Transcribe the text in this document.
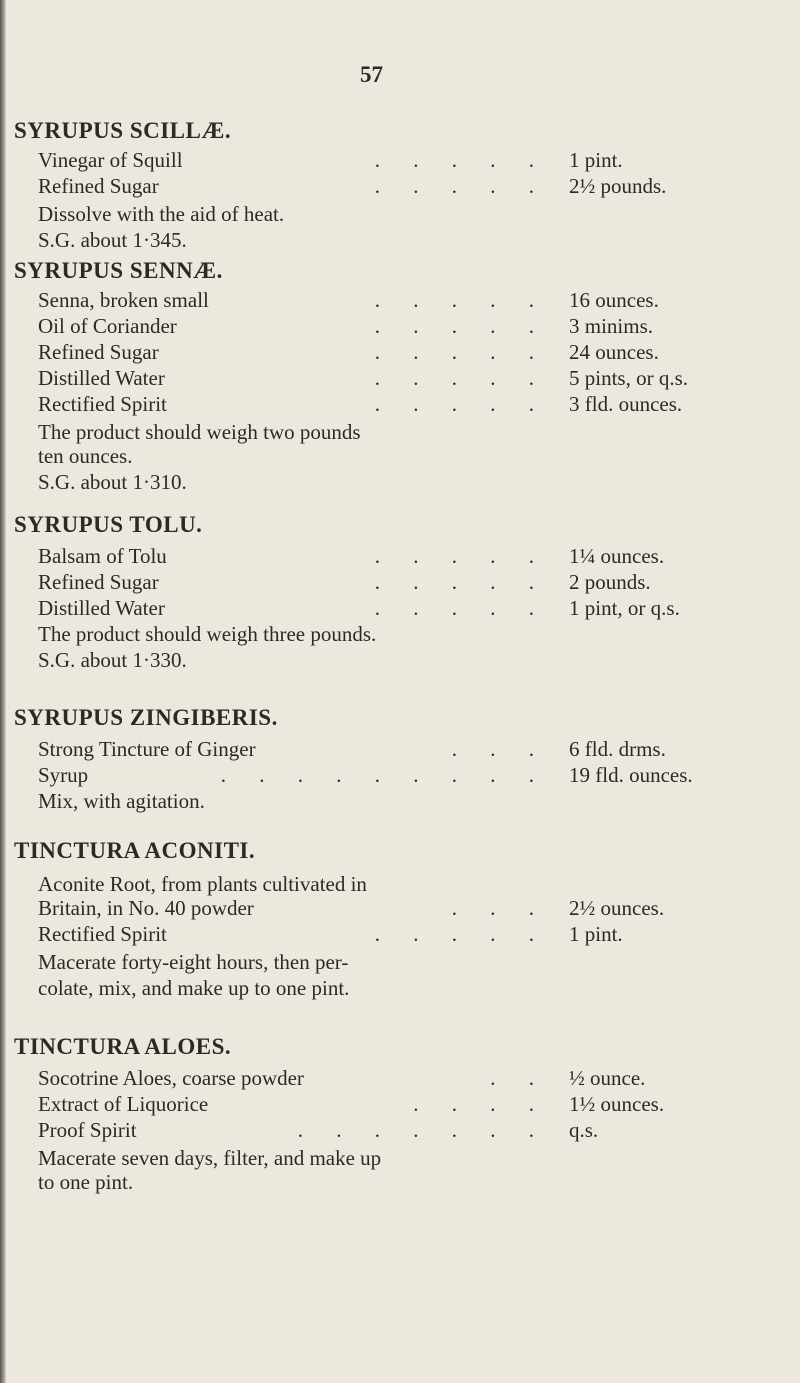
57
SYRUPUS SCILLÆ.
. . . . .
Vinegar of Squill	1 pint.
. . . . .
Refined Sugar	2½ pounds.
Dissolve with the aid of heat.
S.G. about 1·345.
SYRUPUS SENNÆ.
. . . . .
Senna, broken small	16 ounces.
. . . . .
Oil of Coriander	3 minims.
. . . . .
Refined Sugar	24 ounces.
. . . . .
Distilled Water	5 pints, or q.s.
. . . . .
Rectified Spirit	3 fld. ounces.
The product should weigh two pounds
ten ounces.
S.G. about 1·310.
SYRUPUS TOLU.
. . . . .
Balsam of Tolu	1¼ ounces.
. . . . .
Refined Sugar	2 pounds.
. . . . .
Distilled Water	1 pint, or q.s.
The product should weigh three pounds.
S.G. about 1·330.
SYRUPUS ZINGIBERIS.
. . .
Strong Tincture of Ginger	6 fld. drms.
. . . . . . . . .
Syrup	19 fld. ounces.
Mix, with agitation.
TINCTURA ACONITI.
Aconite Root, from plants cultivated in
. . .
Britain, in No. 40 powder	2½ ounces.
. . . . .
Rectified Spirit	1 pint.
Macerate forty-eight hours, then per-
colate, mix, and make up to one pint.
TINCTURA ALOES.
. .
Socotrine Aloes, coarse powder	½ ounce.
. . . .
Extract of Liquorice	1½ ounces.
. . . . . . .
Proof Spirit	q.s.
Macerate seven days, filter, and make up
to one pint.
